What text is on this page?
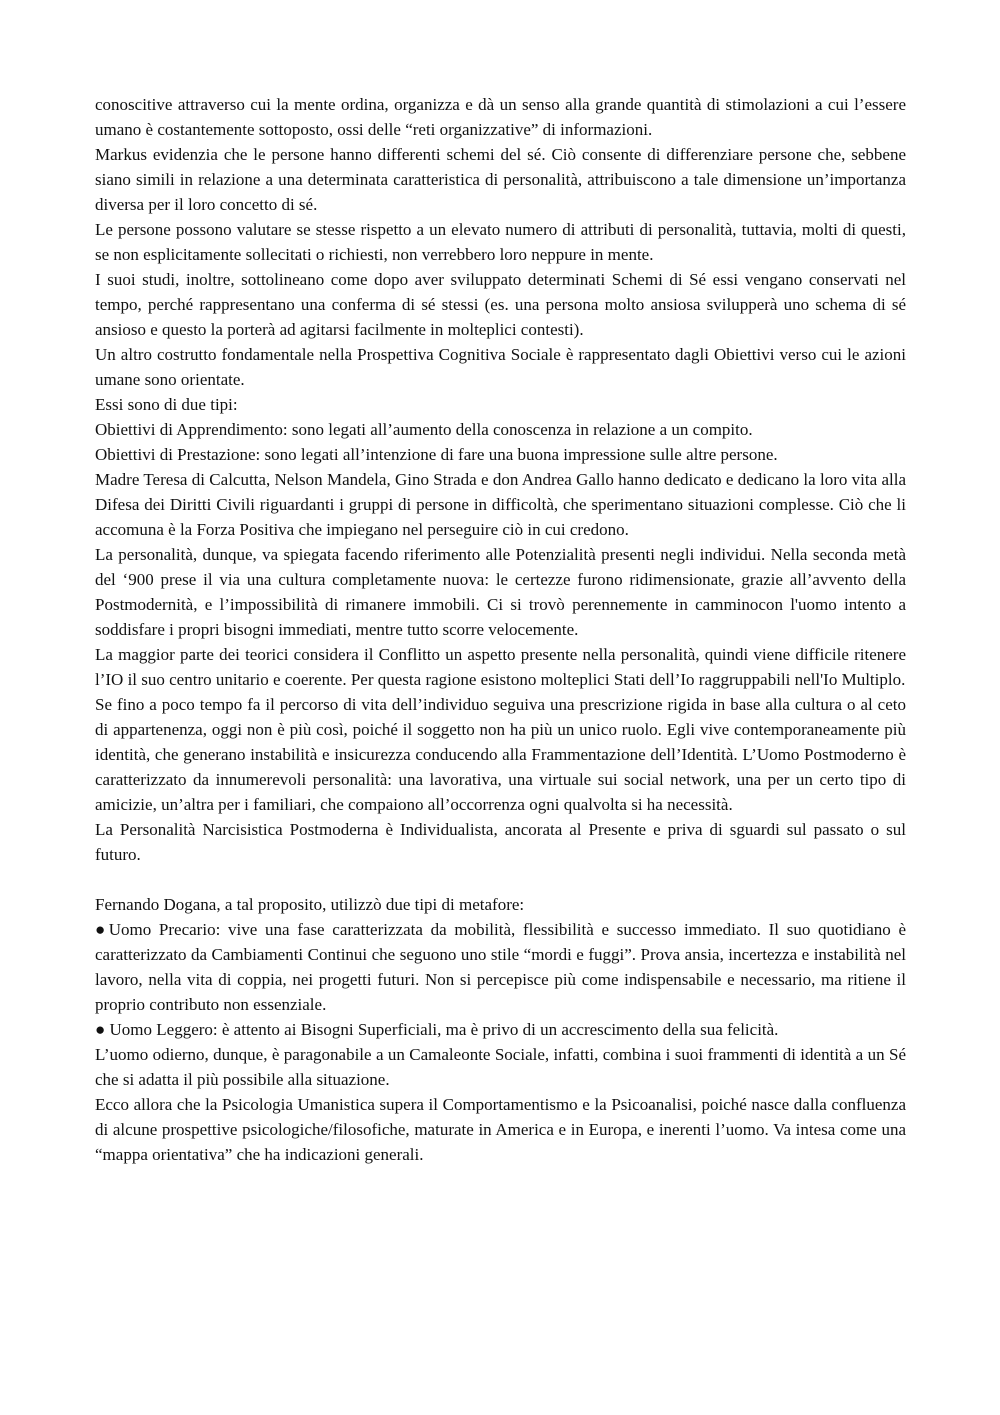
conoscitive attraverso cui la mente ordina, organizza e dà un senso alla grande quantità di stimolazioni a cui l’essere umano è costantemente sottoposto, ossi delle “reti organizzative” di informazioni.

Markus evidenzia che le persone hanno differenti schemi del sé. Ciò consente di differenziare persone che, sebbene siano simili in relazione a una determinata caratteristica di personalità, attribuiscono a tale dimensione un’importanza diversa per il loro concetto di sé.

Le persone possono valutare se stesse rispetto a un elevato numero di attributi di personalità, tuttavia, molti di questi, se non esplicitamente sollecitati o richiesti, non verrebbero loro neppure in mente.

I suoi studi, inoltre, sottolineano come dopo aver sviluppato determinati Schemi di Sé essi vengano conservati nel tempo, perché rappresentano una conferma di sé stessi (es. una persona molto ansiosa svilupperà uno schema di sé ansioso e questo la porterà ad agitarsi facilmente in molteplici contesti).

Un altro costrutto fondamentale nella Prospettiva Cognitiva Sociale è rappresentato dagli Obiettivi verso cui le azioni umane sono orientate.

Essi sono di due tipi:

Obiettivi di Apprendimento: sono legati all’aumento della conoscenza in relazione a un compito.

Obiettivi di Prestazione: sono legati all’intenzione di fare una buona impressione sulle altre persone.

Madre Teresa di Calcutta, Nelson Mandela, Gino Strada e don Andrea Gallo hanno dedicato e dedicano la loro vita alla Difesa dei Diritti Civili riguardanti i gruppi di persone in difficoltà, che sperimentano situazioni complesse. Ciò che li accomuna è la Forza Positiva che impiegano nel perseguire ciò in cui credono.

La personalità, dunque, va spiegata facendo riferimento alle Potenzialità presenti negli individui. Nella seconda metà del ‘900 prese il via una cultura completamente nuova: le certezze furono ridimensionate, grazie all’avvento della Postmodernità, e l’impossibilità di rimanere immobili. Ci si trovò perennemente in camminocon l'uomo intento a soddisfare i propri bisogni immediati, mentre tutto scorre velocemente.

La maggior parte dei teorici considera il Conflitto un aspetto presente nella personalità, quindi viene difficile ritenere l’IO il suo centro unitario e coerente. Per questa ragione esistono molteplici Stati dell’Io raggruppabili nell'Io Multiplo.

Se fino a poco tempo fa il percorso di vita dell’individuo seguiva una prescrizione rigida in base alla cultura o al ceto di appartenenza, oggi non è più così, poiché il soggetto non ha più un unico ruolo. Egli vive contemporaneamente più identità, che generano instabilità e insicurezza conducendo alla Frammentazione dell’Identità. L’Uomo Postmoderno è caratterizzato da innumerevoli personalità: una lavorativa, una virtuale sui social network, una per un certo tipo di amicizie, un’altra per i familiari, che compaiono all’occorrenza ogni qualvolta si ha necessità.

La Personalità Narcisistica Postmoderna è Individualista, ancorata al Presente e priva di sguardi sul passato o sul futuro.

Fernando Dogana, a tal proposito, utilizzò due tipi di metafore:

●Uomo Precario: vive una fase caratterizzata da mobilità, flessibilità e successo immediato. Il suo quotidiano è caratterizzato da Cambiamenti Continui che seguono uno stile “mordi e fuggi”. Prova ansia, incertezza e instabilità nel lavoro, nella vita di coppia, nei progetti futuri. Non si percepisce più come indispensabile e necessario, ma ritiene il proprio contributo non essenziale.

● Uomo Leggero: è attento ai Bisogni Superficiali, ma è privo di un accrescimento della sua felicità.

L’uomo odierno, dunque, è paragonabile a un Camaleonte Sociale, infatti, combina i suoi frammenti di identità a un Sé che si adatta il più possibile alla situazione.

Ecco allora che la Psicologia Umanistica supera il Comportamentismo e la Psicoanalisi, poiché nasce dalla confluenza di alcune prospettive psicologiche/filosofiche, maturate in America e in Europa, e inerenti l’uomo. Va intesa come una “mappa orientativa” che ha indicazioni generali.
